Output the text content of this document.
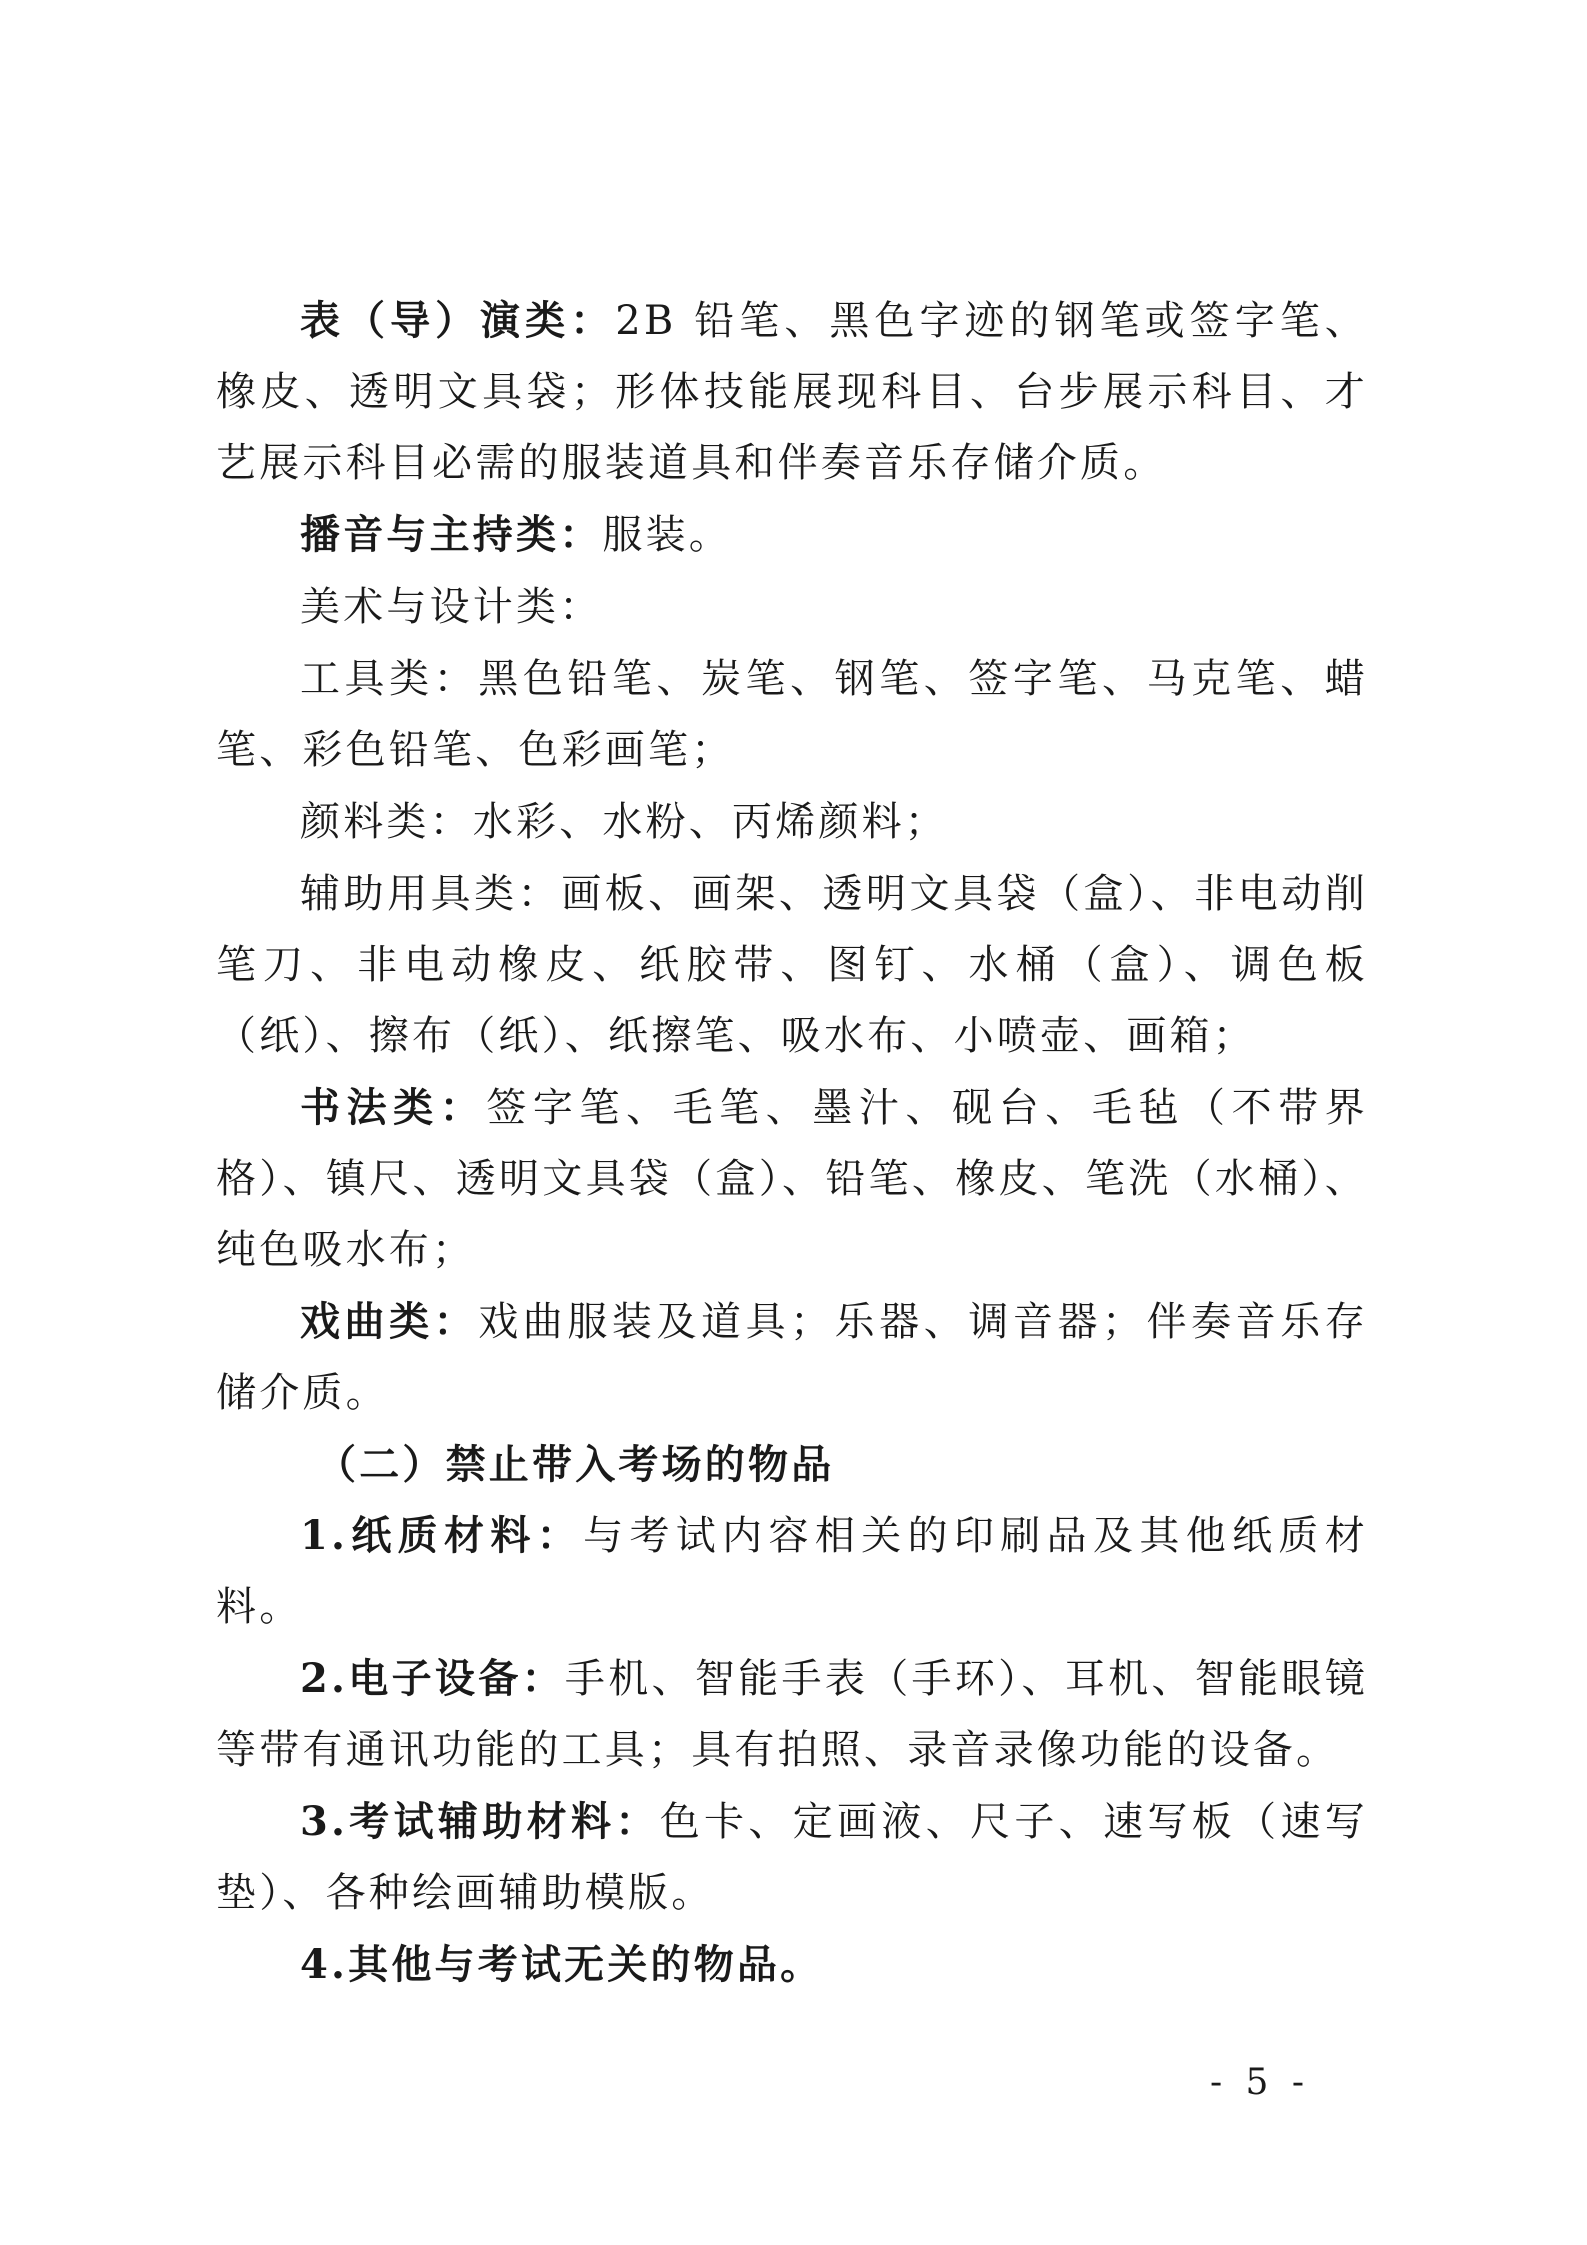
表（导）演类：2B 铅笔、黑色字迹的钢笔或签字笔、橡皮、透明文具袋；形体技能展现科目、台步展示科目、才艺展示科目必需的服装道具和伴奏音乐存储介质。

播音与主持类：服装。

美术与设计类：

工具类：黑色铅笔、炭笔、钢笔、签字笔、马克笔、蜡笔、彩色铅笔、色彩画笔；

颜料类：水彩、水粉、丙烯颜料；

辅助用具类：画板、画架、透明文具袋（盒）、非电动削笔刀、非电动橡皮、纸胶带、图钉、水桶（盒）、调色板（纸）、擦布（纸）、纸擦笔、吸水布、小喷壶、画箱；

书法类：签字笔、毛笔、墨汁、砚台、毛毡（不带界格）、镇尺、透明文具袋（盒）、铅笔、橡皮、笔洗（水桶）、纯色吸水布；

戏曲类：戏曲服装及道具；乐器、调音器；伴奏音乐存储介质。

（二）禁止带入考场的物品

1.纸质材料：与考试内容相关的印刷品及其他纸质材料。

2.电子设备：手机、智能手表（手环）、耳机、智能眼镜等带有通讯功能的工具；具有拍照、录音录像功能的设备。

3.考试辅助材料：色卡、定画液、尺子、速写板（速写垫）、各种绘画辅助模版。

4.其他与考试无关的物品。

- 5 -
